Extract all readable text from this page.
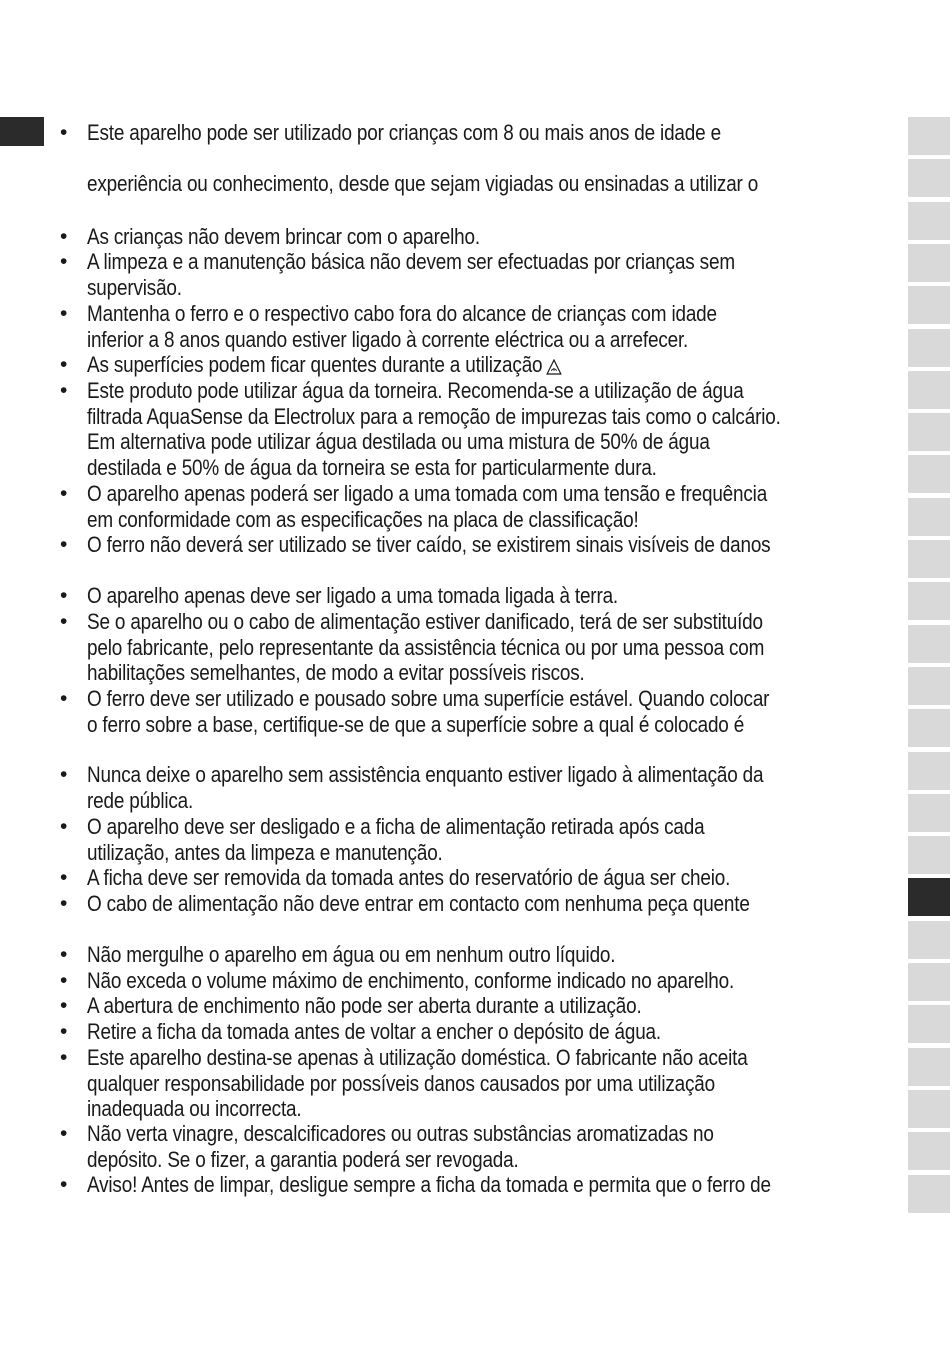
• Este aparelho pode ser utilizado por crianças com 8 ou mais anos de idade e
experiência ou conhecimento, desde que sejam vigiadas ou ensinadas a utilizar o
• As crianças não devem brincar com o aparelho.
• A limpeza e a manutenção básica não devem ser efectuadas por crianças sem
supervisão.
• Mantenha o ferro e o respectivo cabo fora do alcance de crianças com idade
inferior a 8 anos quando estiver ligado à corrente eléctrica ou a arrefecer.
• As superfícies podem ficar quentes durante a utilização
• Este produto pode utilizar água da torneira. Recomenda-se a utilização de água
filtrada AquaSense da Electrolux para a remoção de impurezas tais como o calcário.
Em alternativa pode utilizar água destilada ou uma mistura de 50% de água
destilada e 50% de água da torneira se esta for particularmente dura.
• O aparelho apenas poderá ser ligado a uma tomada com uma tensão e frequência
em conformidade com as especificações na placa de classificação!
• O ferro não deverá ser utilizado se tiver caído, se existirem sinais visíveis de danos
• O aparelho apenas deve ser ligado a uma tomada ligada à terra.
• Se o aparelho ou o cabo de alimentação estiver danificado, terá de ser substituído
pelo fabricante, pelo representante da assistência técnica ou por uma pessoa com
habilitações semelhantes, de modo a evitar possíveis riscos.
• O ferro deve ser utilizado e pousado sobre uma superfície estável. Quando colocar
o ferro sobre a base, certifique-se de que a superfície sobre a qual é colocado é
• Nunca deixe o aparelho sem assistência enquanto estiver ligado à alimentação da
rede pública.
• O aparelho deve ser desligado e a ficha de alimentação retirada após cada
utilização, antes da limpeza e manutenção.
• A ficha deve ser removida da tomada antes do reservatório de água ser cheio.
• O cabo de alimentação não deve entrar em contacto com nenhuma peça quente
• Não mergulhe o aparelho em água ou em nenhum outro líquido.
• Não exceda o volume máximo de enchimento, conforme indicado no aparelho.
• A abertura de enchimento não pode ser aberta durante a utilização.
• Retire a ficha da tomada antes de voltar a encher o depósito de água.
• Este aparelho destina-se apenas à utilização doméstica. O fabricante não aceita
qualquer responsabilidade por possíveis danos causados por uma utilização
inadequada ou incorrecta.
• Não verta vinagre, descalcificadores ou outras substâncias aromatizadas no
depósito. Se o fizer, a garantia poderá ser revogada.
• Aviso! Antes de limpar, desligue sempre a ficha da tomada e permita que o ferro de
